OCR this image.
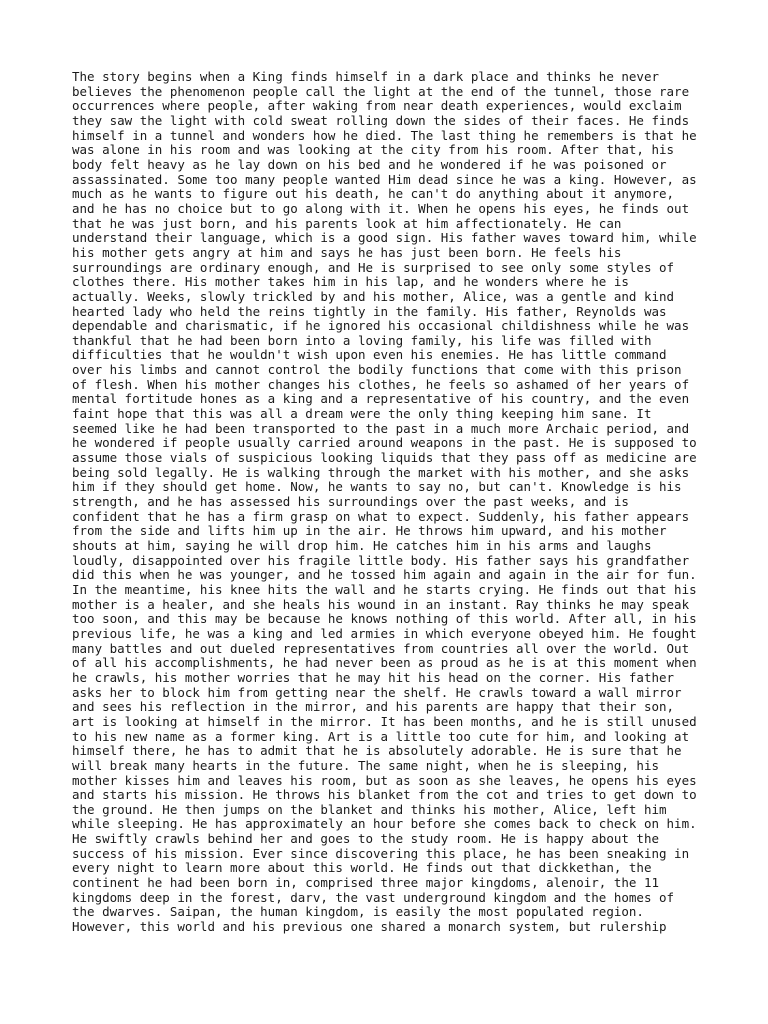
The story begins when a King finds himself in a dark place and thinks he never
believes the phenomenon people call the light at the end of the tunnel, those rare
occurrences where people, after waking from near death experiences, would exclaim
they saw the light with cold sweat rolling down the sides of their faces. He finds
himself in a tunnel and wonders how he died. The last thing he remembers is that he
was alone in his room and was looking at the city from his room. After that, his
body felt heavy as he lay down on his bed and he wondered if he was poisoned or
assassinated. Some too many people wanted Him dead since he was a king. However, as
much as he wants to figure out his death, he can't do anything about it anymore,
and he has no choice but to go along with it. When he opens his eyes, he finds out
that he was just born, and his parents look at him affectionately. He can
understand their language, which is a good sign. His father waves toward him, while
his mother gets angry at him and says he has just been born. He feels his
surroundings are ordinary enough, and He is surprised to see only some styles of
clothes there. His mother takes him in his lap, and he wonders where he is
actually. Weeks, slowly trickled by and his mother, Alice, was a gentle and kind
hearted lady who held the reins tightly in the family. His father, Reynolds was
dependable and charismatic, if he ignored his occasional childishness while he was
thankful that he had been born into a loving family, his life was filled with
difficulties that he wouldn't wish upon even his enemies. He has little command
over his limbs and cannot control the bodily functions that come with this prison
of flesh. When his mother changes his clothes, he feels so ashamed of her years of
mental fortitude hones as a king and a representative of his country, and the even
faint hope that this was all a dream were the only thing keeping him sane. It
seemed like he had been transported to the past in a much more Archaic period, and
he wondered if people usually carried around weapons in the past. He is supposed to
assume those vials of suspicious looking liquids that they pass off as medicine are
being sold legally. He is walking through the market with his mother, and she asks
him if they should get home. Now, he wants to say no, but can't. Knowledge is his
strength, and he has assessed his surroundings over the past weeks, and is
confident that he has a firm grasp on what to expect. Suddenly, his father appears
from the side and lifts him up in the air. He throws him upward, and his mother
shouts at him, saying he will drop him. He catches him in his arms and laughs
loudly, disappointed over his fragile little body. His father says his grandfather
did this when he was younger, and he tossed him again and again in the air for fun.
In the meantime, his knee hits the wall and he starts crying. He finds out that his
mother is a healer, and she heals his wound in an instant. Ray thinks he may speak
too soon, and this may be because he knows nothing of this world. After all, in his
previous life, he was a king and led armies in which everyone obeyed him. He fought
many battles and out dueled representatives from countries all over the world. Out
of all his accomplishments, he had never been as proud as he is at this moment when
he crawls, his mother worries that he may hit his head on the corner. His father
asks her to block him from getting near the shelf. He crawls toward a wall mirror
and sees his reflection in the mirror, and his parents are happy that their son,
art is looking at himself in the mirror. It has been months, and he is still unused
to his new name as a former king. Art is a little too cute for him, and looking at
himself there, he has to admit that he is absolutely adorable. He is sure that he
will break many hearts in the future. The same night, when he is sleeping, his
mother kisses him and leaves his room, but as soon as she leaves, he opens his eyes
and starts his mission. He throws his blanket from the cot and tries to get down to
the ground. He then jumps on the blanket and thinks his mother, Alice, left him
while sleeping. He has approximately an hour before she comes back to check on him.
He swiftly crawls behind her and goes to the study room. He is happy about the
success of his mission. Ever since discovering this place, he has been sneaking in
every night to learn more about this world. He finds out that dickkethan, the
continent he had been born in, comprised three major kingdoms, alenoir, the 11
kingdoms deep in the forest, darv, the vast underground kingdom and the homes of
the dwarves. Saipan, the human kingdom, is easily the most populated region.
However, this world and his previous one shared a monarch system, but rulership
